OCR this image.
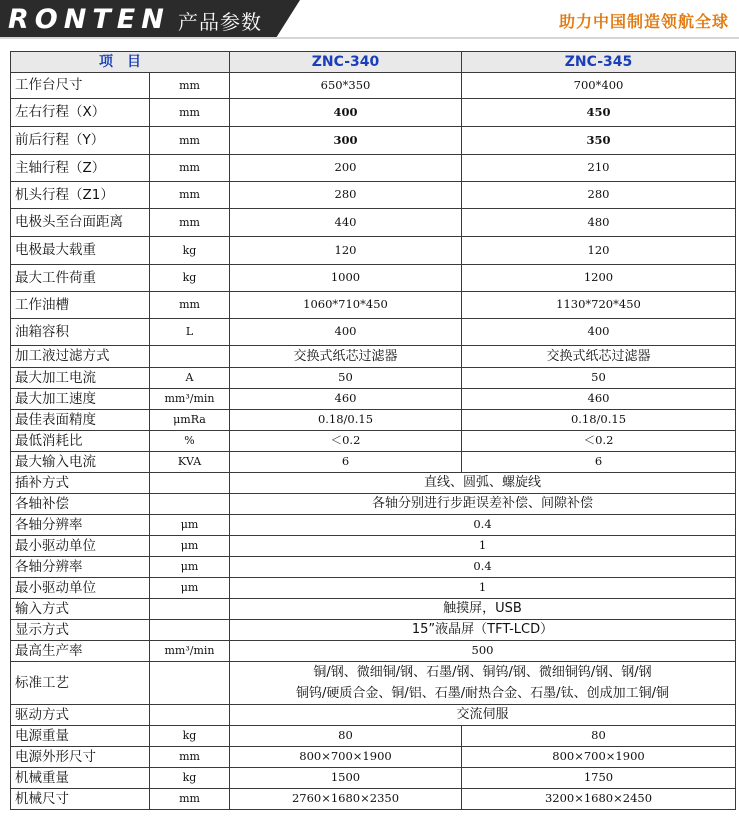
RONTEN 产品参数	助力中国制造领航全球
项　目		ZNC-340	ZNC-345
工作台尺寸	mm	650*350	700*400
左右行程（X）	mm	400	450
前后行程（Y）	mm	300	350
主轴行程（Z）	mm	200	210
机头行程（Z1）	mm	280	280
电极头至台面距离	mm	440	480
电极最大载重	kg	120	120
最大工件荷重	kg	1000	1200
工作油槽	mm	1060*710*450	1130*720*450
油箱容积	L	400	400
加工液过滤方式		交换式纸芯过滤器	交换式纸芯过滤器
最大加工电流	A	50	50
最大加工速度	mm³/min	460	460
最佳表面精度	μmRa	0.18/0.15	0.18/0.15
最低消耗比	%	＜0.2	＜0.2
最大输入电流	KVA	6	6
插补方式		直线、圆弧、螺旋线	
各轴补偿		各轴分别进行步距误差补偿、间隙补偿	
各轴分辨率	μm	0.4	
最小驱动单位	μm	1	
各轴分辨率	μm	0.4	
最小驱动单位	μm	1	
输入方式		触摸屏，USB	
显示方式		15”液晶屏（TFT-LCD）	
最高生产率	mm³/min	500	
标准工艺		铜/钢、微细铜/钢、石墨/钢、铜钨/钢、微细铜钨/钢、钢/钢
铜钨/硬质合金、铜/铝、石墨/耐热合金、石墨/钛、创成加工铜/铜	

驱动方式		交流伺服	
电源重量	kg	80	80
电源外形尺寸	mm	800×700×1900	800×700×1900
机械重量	kg	1500	1750
机械尺寸	mm	2760×1680×2350	3200×1680×2450
